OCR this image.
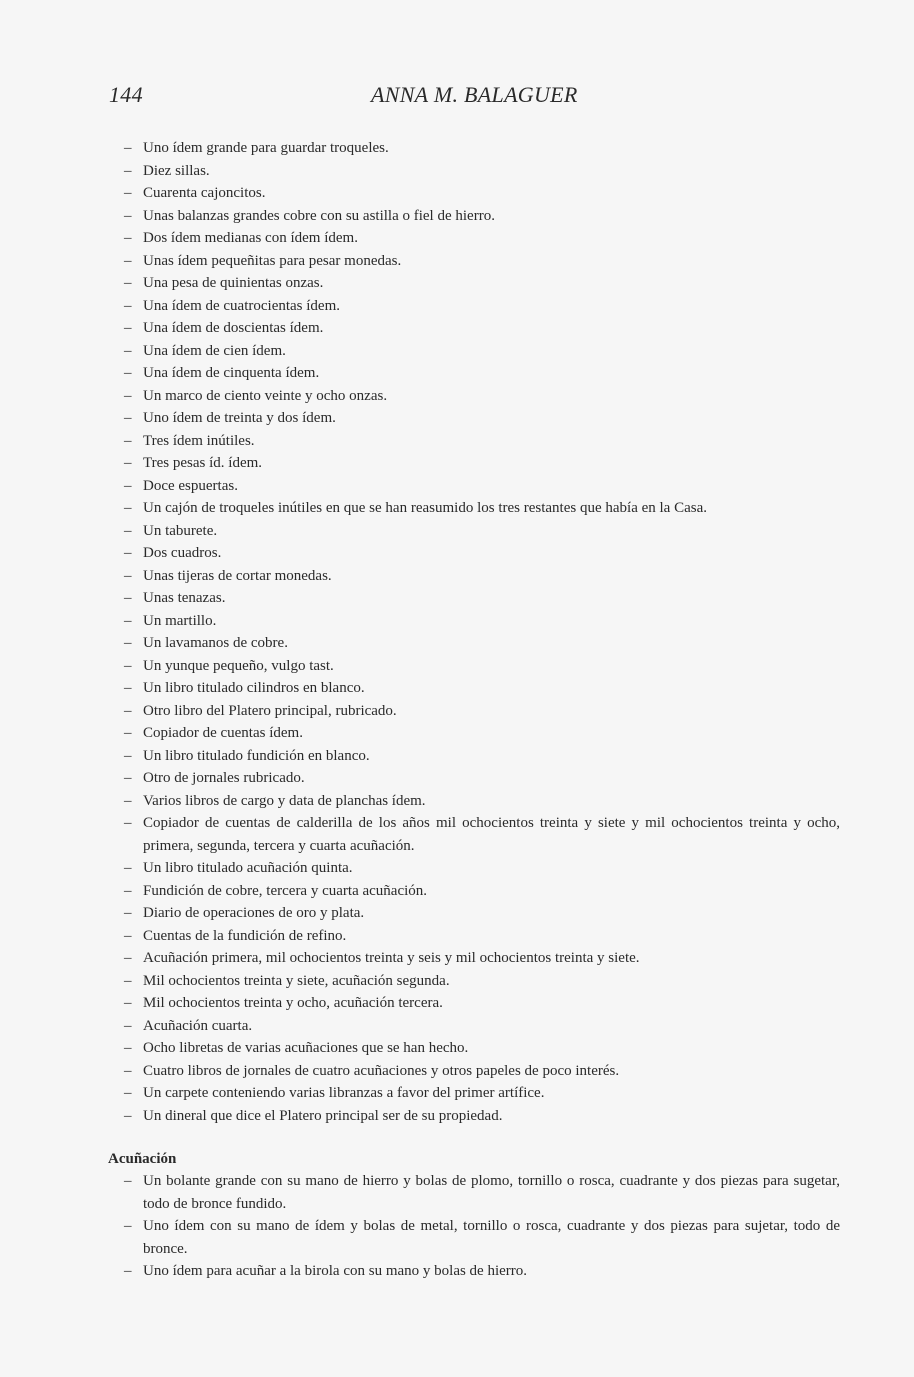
144	ANNA M. BALAGUER
– Uno ídem grande para guardar troqueles.
– Diez sillas.
– Cuarenta cajoncitos.
– Unas balanzas grandes cobre con su astilla o fiel de hierro.
– Dos ídem medianas con ídem ídem.
– Unas ídem pequeñitas para pesar monedas.
– Una pesa de quinientas onzas.
– Una ídem de cuatrocientas ídem.
– Una ídem de doscientas ídem.
– Una ídem de cien ídem.
– Una ídem de cinquenta ídem.
– Un marco de ciento veinte y ocho onzas.
– Uno ídem de treinta y dos ídem.
– Tres ídem inútiles.
– Tres pesas íd. ídem.
– Doce espuertas.
– Un cajón de troqueles inútiles en que se han reasumido los tres restantes que había en la Casa.
– Un taburete.
– Dos cuadros.
– Unas tijeras de cortar monedas.
– Unas tenazas.
– Un martillo.
– Un lavamanos de cobre.
– Un yunque pequeño, vulgo tast.
– Un libro titulado cilindros en blanco.
– Otro libro del Platero principal, rubricado.
– Copiador de cuentas ídem.
– Un libro titulado fundición en blanco.
– Otro de jornales rubricado.
– Varios libros de cargo y data de planchas ídem.
– Copiador de cuentas de calderilla de los años mil ochocientos treinta y siete y mil ochocientos treinta y ocho, primera, segunda, tercera y cuarta acuñación.
– Un libro titulado acuñación quinta.
– Fundición de cobre, tercera y cuarta acuñación.
– Diario de operaciones de oro y plata.
– Cuentas de la fundición de refino.
– Acuñación primera, mil ochocientos treinta y seis y mil ochocientos treinta y siete.
– Mil ochocientos treinta y siete, acuñación segunda.
– Mil ochocientos treinta y ocho, acuñación tercera.
– Acuñación cuarta.
– Ocho libretas de varias acuñaciones que se han hecho.
– Cuatro libros de jornales de cuatro acuñaciones y otros papeles de poco interés.
– Un carpete conteniendo varias libranzas a favor del primer artífice.
– Un dineral que dice el Platero principal ser de su propiedad.
Acuñación
– Un bolante grande con su mano de hierro y bolas de plomo, tornillo o rosca, cuadrante y dos piezas para sugetar, todo de bronce fundido.
– Uno ídem con su mano de ídem y bolas de metal, tornillo o rosca, cuadrante y dos piezas para sujetar, todo de bronce.
– Uno ídem para acuñar a la birola con su mano y bolas de hierro.
